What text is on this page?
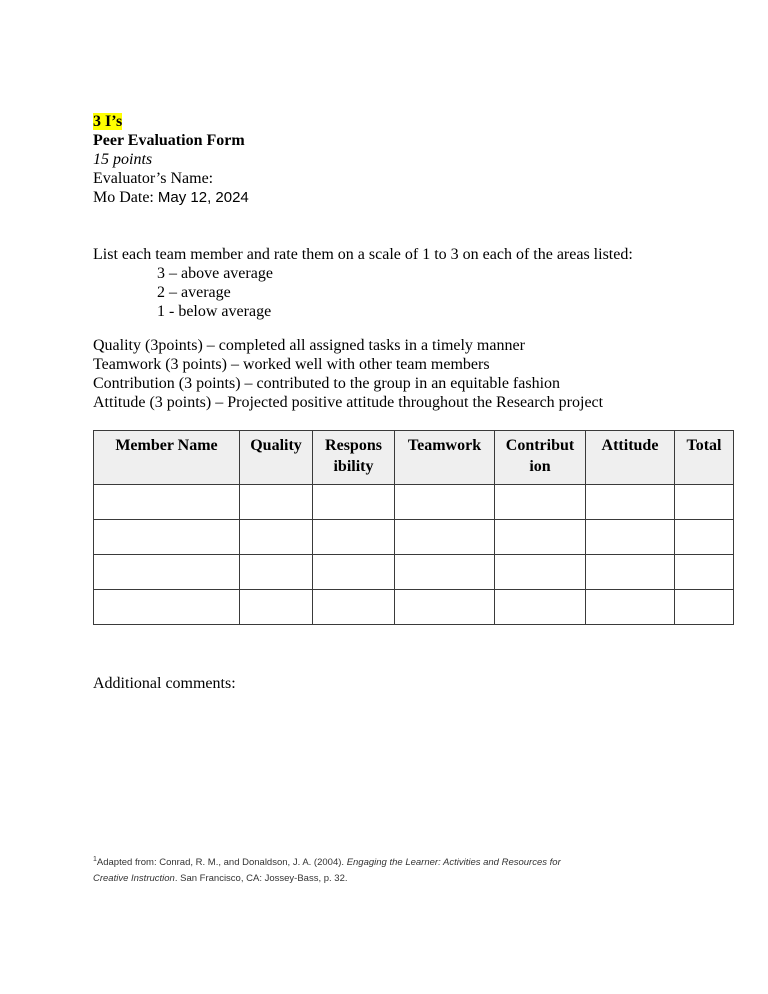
3 I’s
Peer Evaluation Form
15 points
Evaluator’s Name:
Mo Date: May 12, 2024
List each team member and rate them on a scale of 1 to 3 on each of the areas listed:
3 – above average
2 – average
1 - below average
Quality (3points) – completed all assigned tasks in a timely manner
Teamwork (3 points) – worked well with other team members
Contribution (3 points) – contributed to the group in an equitable fashion
Attitude (3 points) – Projected positive attitude throughout the Research project
Member Name	Quality	Respons ibility	Teamwork	Contribut ion	Attitude	Total

Additional comments:
$^1$Adapted from: Conrad, R. M., and Donaldson, J. A. (2004). Engaging the Learner: Activities and Resources for
Creative Instruction. San Francisco, CA: Jossey-Bass, p. 32.
